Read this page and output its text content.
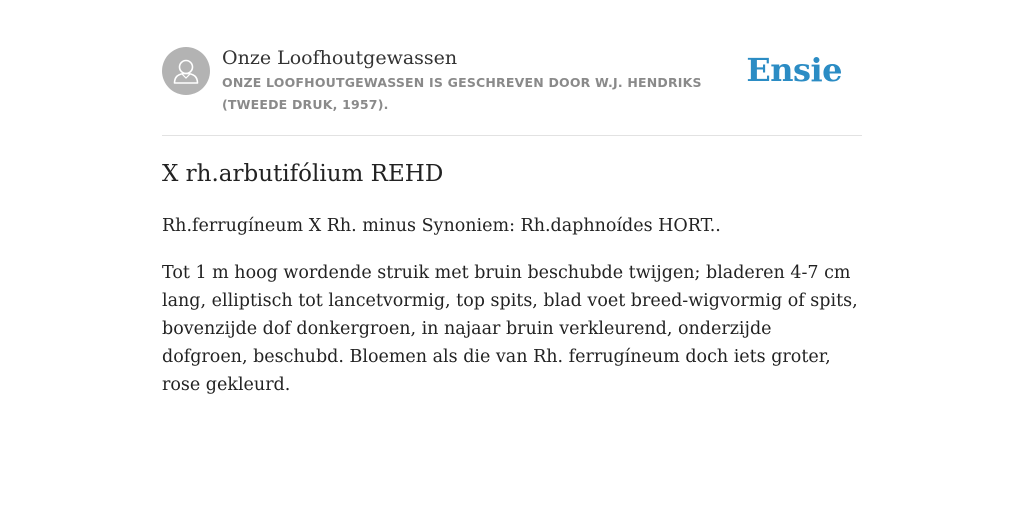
Onze Loofhoutgewassen
ONZE LOOFHOUTGEWASSEN IS GESCHREVEN DOOR W.J. HENDRIKS (TWEEDE DRUK, 1957).
Ensie
X rh.arbutifólium REHD

Rh.ferrugíneum X Rh. minus Synoniem: Rh.daphnoídes HORT..

Tot 1 m hoog wordende struik met bruin beschubde twijgen; bladeren 4-7 cm lang, elliptisch tot lancetvormig, top spits, blad voet breed-wigvormig of spits, bovenzijde dof donkergroen, in najaar bruin verkleurend, onderzijde dofgroen, beschubd. Bloemen als die van Rh. ferrugíneum doch iets groter, rose gekleurd.
